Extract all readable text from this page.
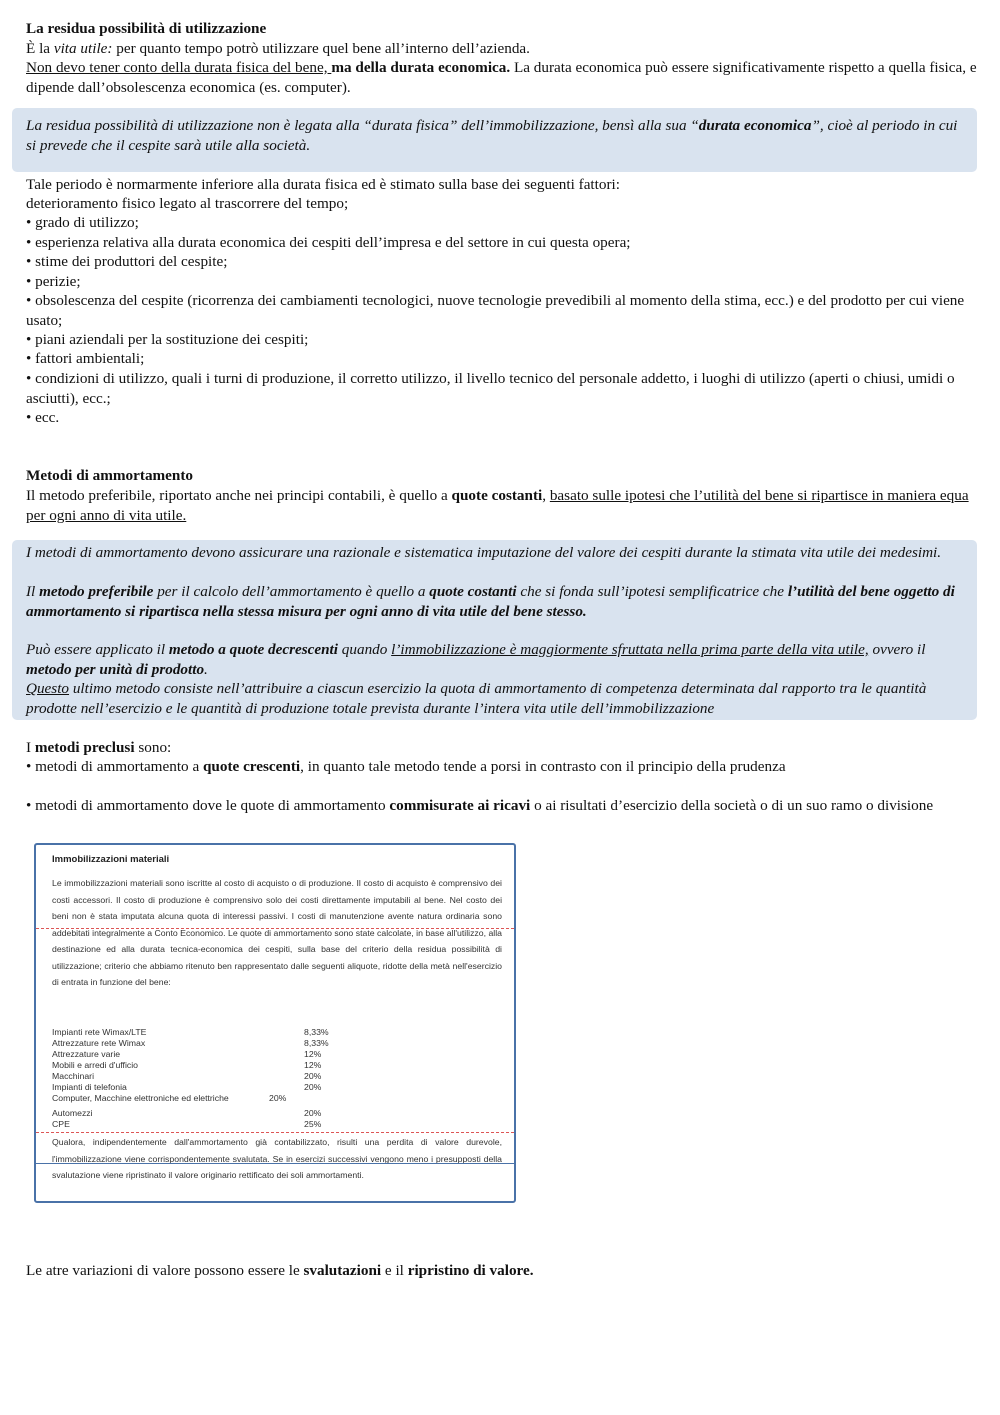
La residua possibilità di utilizzazione

È la vita utile: per quanto tempo potrò utilizzare quel bene all’interno dell’azienda.

Non devo tener conto della durata fisica del bene, ma della durata economica. La durata economica può essere significativamente rispetto a quella fisica, e dipende dall’obsolescenza economica (es. computer).

La residua possibilità di utilizzazione non è legata alla “durata fisica” dell’immobilizzazione, bensì alla sua “durata economica”, cioè al periodo in cui si prevede che il cespite sarà utile alla società.

Tale periodo è normarmente inferiore alla durata fisica ed è stimato sulla base dei seguenti fattori:

deterioramento fisico legato al trascorrere del tempo;

• grado di utilizzo;

• esperienza relativa alla durata economica dei cespiti dell’impresa e del settore in cui questa opera;

• stime dei produttori del cespite;

• perizie;

• obsolescenza del cespite (ricorrenza dei cambiamenti tecnologici, nuove tecnologie prevedibili al momento della stima, ecc.) e del prodotto per cui viene usato;

• piani aziendali per la sostituzione dei cespiti;

• fattori ambientali;

• condizioni di utilizzo, quali i turni di produzione, il corretto utilizzo, il livello tecnico del personale addetto, i luoghi di utilizzo (aperti o chiusi, umidi o asciutti), ecc.;

• ecc.

Metodi di ammortamento

Il metodo preferibile, riportato anche nei principi contabili, è quello a quote costanti, basato sulle ipotesi che l’utilità del bene si ripartisce in maniera equa per ogni anno di vita utile.

I metodi di ammortamento devono assicurare una razionale e sistematica imputazione del valore dei cespiti durante la stimata vita utile dei medesimi.

Il metodo preferibile per il calcolo dell’ammortamento è quello a quote costanti che si fonda sull’ipotesi semplificatrice che l’utilità del bene oggetto di ammortamento si ripartisca nella stessa misura per ogni anno di vita utile del bene stesso.

Può essere applicato il metodo a quote decrescenti quando l’immobilizzazione è maggiormente sfruttata nella prima parte della vita utile, ovvero il metodo per unità di prodotto.

Questo ultimo metodo consiste nell’attribuire a ciascun esercizio la quota di ammortamento di competenza determinata dal rapporto tra le quantità prodotte nell’esercizio e le quantità di produzione totale prevista durante l’intera vita utile dell’immobilizzazione

I metodi preclusi sono:

• metodi di ammortamento a quote crescenti, in quanto tale metodo tende a porsi in contrasto con il principio della prudenza

• metodi di ammortamento dove le quote di ammortamento commisurate ai ricavi o ai risultati d’esercizio della società o di un suo ramo o divisione

Immobilizzazioni materiali

Le immobilizzazioni materiali sono iscritte al costo di acquisto o di produzione. Il costo di acquisto è comprensivo dei costi accessori. Il costo di produzione è comprensivo solo dei costi direttamente imputabili al bene. Nel costo dei beni non è stata imputata alcuna quota di interessi passivi. I costi di manutenzione avente natura ordinaria sono addebitati integralmente a Conto Economico. Le quote di ammortamento sono state calcolate, in base all'utilizzo, alla destinazione ed alla durata tecnica-economica dei cespiti, sulla base del criterio della residua possibilità di utilizzazione; criterio che abbiamo ritenuto ben rappresentato dalle seguenti aliquote, ridotte della metà nell'esercizio di entrata in funzione del bene:

Impianti rete Wimax/LTE	8,33%
Attrezzature rete Wimax	8,33%
Attrezzature varie	12%
Mobili e arredi d'ufficio	12%
Macchinari	20%
Impianti di telefonia	20%
Computer, Macchine elettroniche ed elettriche	20%
Automezzi	20%
CPE	25%

Qualora, indipendentemente dall'ammortamento già contabilizzato, risulti una perdita di valore durevole, l'immobilizzazione viene corrispondentemente svalutata. Se in esercizi successivi vengono meno i presupposti della svalutazione viene ripristinato il valore originario rettificato dei soli ammortamenti.

Le atre variazioni di valore possono essere le svalutazioni e il ripristino di valore.
